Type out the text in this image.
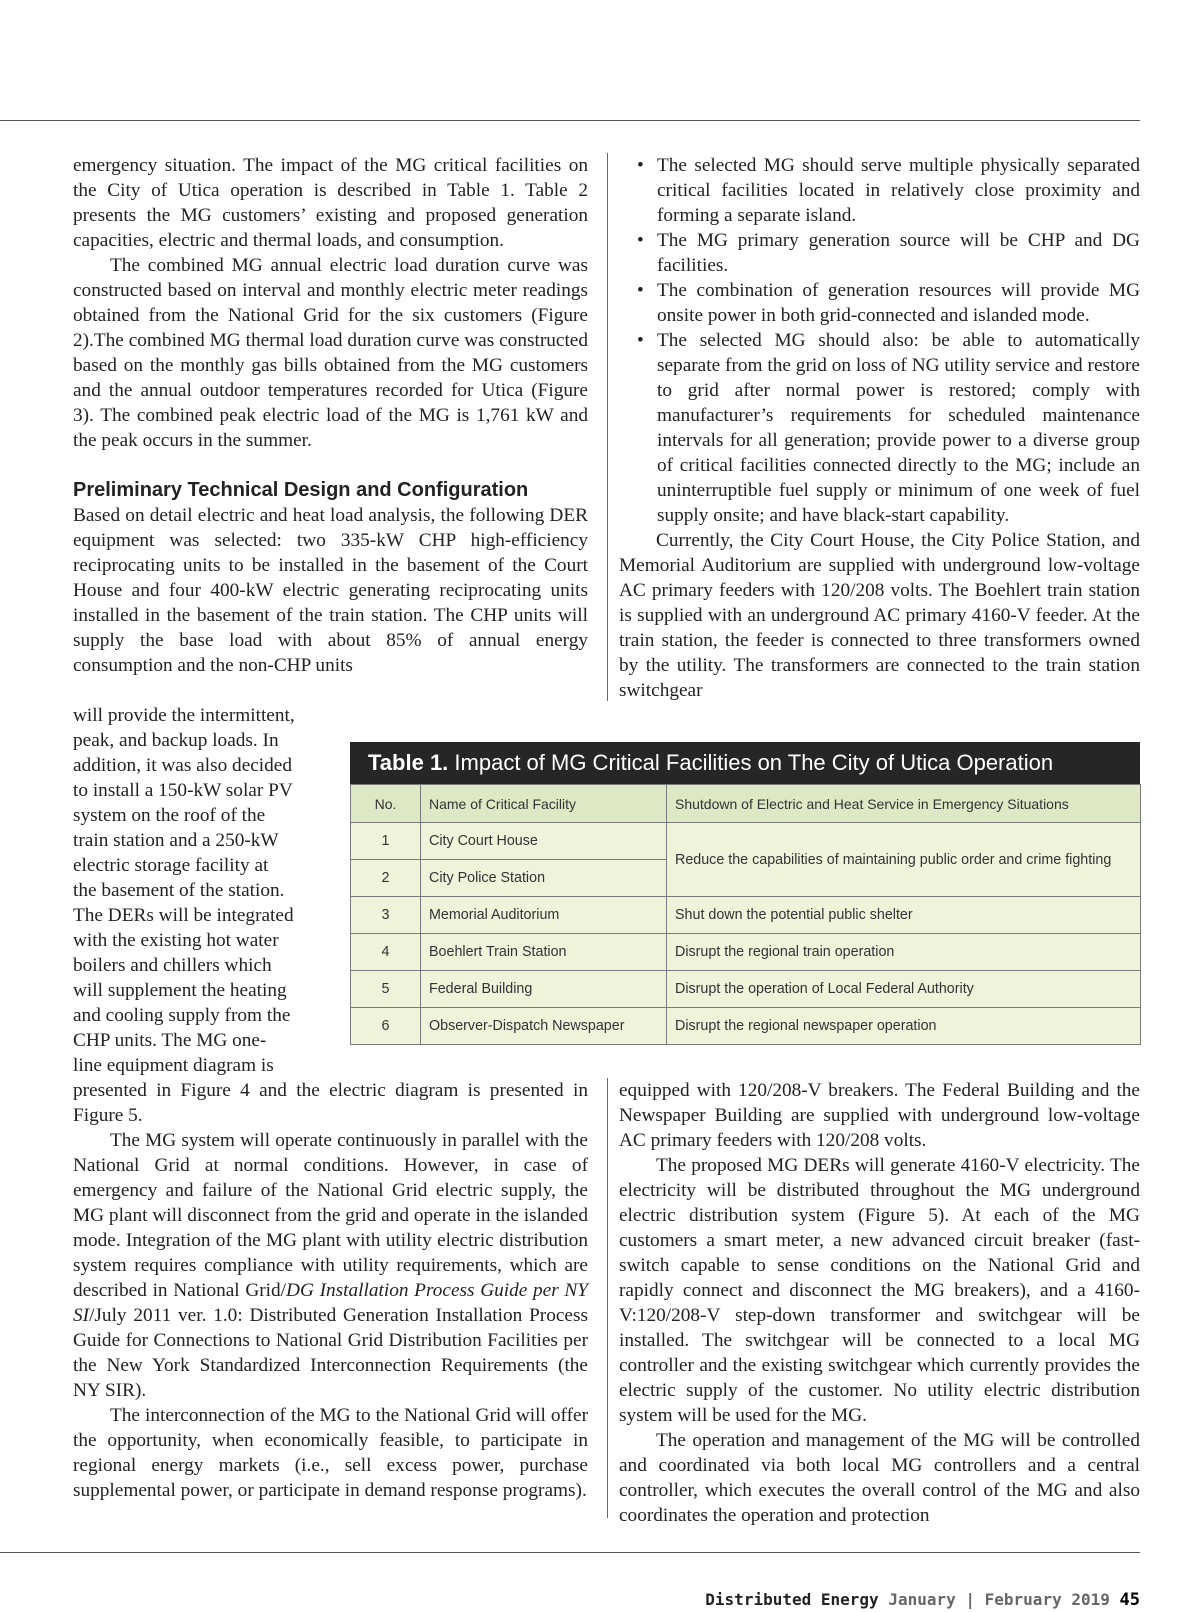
emergency situation. The impact of the MG critical facilities on the City of Utica operation is described in Table 1. Table 2 presents the MG customers’ existing and proposed generation capacities, electric and thermal loads, and consumption.

The combined MG annual electric load duration curve was constructed based on interval and monthly electric meter readings obtained from the National Grid for the six customers (Figure 2).The combined MG thermal load duration curve was constructed based on the monthly gas bills obtained from the MG customers and the annual outdoor temperatures recorded for Utica (Figure 3). The combined peak electric load of the MG is 1,761 kW and the peak occurs in the summer.

Preliminary Technical Design and Configuration

Based on detail electric and heat load analysis, the following DER equipment was selected: two 335-kW CHP high-efficiency reciprocating units to be installed in the basement of the Court House and four 400-kW electric generating reciprocating units installed in the basement of the train station. The CHP units will supply the base load with about 85% of annual energy consumption and the non-CHP units

will provide the intermittent,
peak, and backup loads. In
addition, it was also decided
to install a 150-kW solar PV
system on the roof of the
train station and a 250-kW
electric storage facility at
the basement of the station.
The DERs will be integrated
with the existing hot water
boilers and chillers which
will supplement the heating
and cooling supply from the
CHP units. The MG one-
line equipment diagram is

presented in Figure 4 and the electric diagram is presented in Figure 5.

The MG system will operate continuously in parallel with the National Grid at normal conditions. However, in case of emergency and failure of the National Grid electric supply, the MG plant will disconnect from the grid and operate in the islanded mode. Integration of the MG plant with utility electric distribution system requires compliance with utility requirements, which are described in National Grid/DG Installation Process Guide per NY SI/July 2011 ver. 1.0: Distributed Generation Installation Process Guide for Connections to National Grid Distribution Facilities per the New York Standardized Interconnection Requirements (the NY SIR).

The interconnection of the MG to the National Grid will offer the opportunity, when economically feasible, to participate in regional energy markets (i.e., sell excess power, purchase supplemental power, or participate in demand response programs).

• The selected MG should serve multiple physically separated critical facilities located in relatively close proximity and forming a separate island.
• The MG primary generation source will be CHP and DG facilities.
• The combination of generation resources will provide MG onsite power in both grid-connected and islanded mode.
• The selected MG should also: be able to automatically separate from the grid on loss of NG utility service and restore to grid after normal power is restored; comply with manufacturer’s requirements for scheduled maintenance intervals for all generation; provide power to a diverse group of critical facilities connected directly to the MG; include an uninterruptible fuel supply or minimum of one week of fuel supply onsite; and have black-start capability.

Currently, the City Court House, the City Police Station, and Memorial Auditorium are supplied with underground low-voltage AC primary feeders with 120/208 volts. The Boehlert train station is supplied with an underground AC primary 4160-V feeder. At the train station, the feeder is connected to three transformers owned by the utility. The transformers are connected to the train station switchgear

Table 1. Impact of MG Critical Facilities on The City of Utica Operation
No.	Name of Critical Facility	Shutdown of Electric and Heat Service in Emergency Situations
1	City Court House	Reduce the capabilities of maintaining public order and crime fighting
2	City Police Station	
3	Memorial Auditorium	Shut down the potential public shelter
4	Boehlert Train Station	Disrupt the regional train operation
5	Federal Building	Disrupt the operation of Local Federal Authority
6	Observer-Dispatch Newspaper	Disrupt the regional newspaper operation

equipped with 120/208-V breakers. The Federal Building and the Newspaper Building are supplied with underground low-voltage AC primary feeders with 120/208 volts.

The proposed MG DERs will generate 4160-V electricity. The electricity will be distributed throughout the MG underground electric distribution system (Figure 5). At each of the MG customers a smart meter, a new advanced circuit breaker (fast-switch capable to sense conditions on the National Grid and rapidly connect and disconnect the MG breakers), and a 4160-V:120/208-V step-down transformer and switchgear will be installed. The switchgear will be connected to a local MG controller and the existing switchgear which currently provides the electric supply of the customer. No utility electric distribution system will be used for the MG.

The operation and management of the MG will be controlled and coordinated via both local MG controllers and a central controller, which executes the overall control of the MG and also coordinates the operation and protection

Distributed Energy January | February 2019 45
